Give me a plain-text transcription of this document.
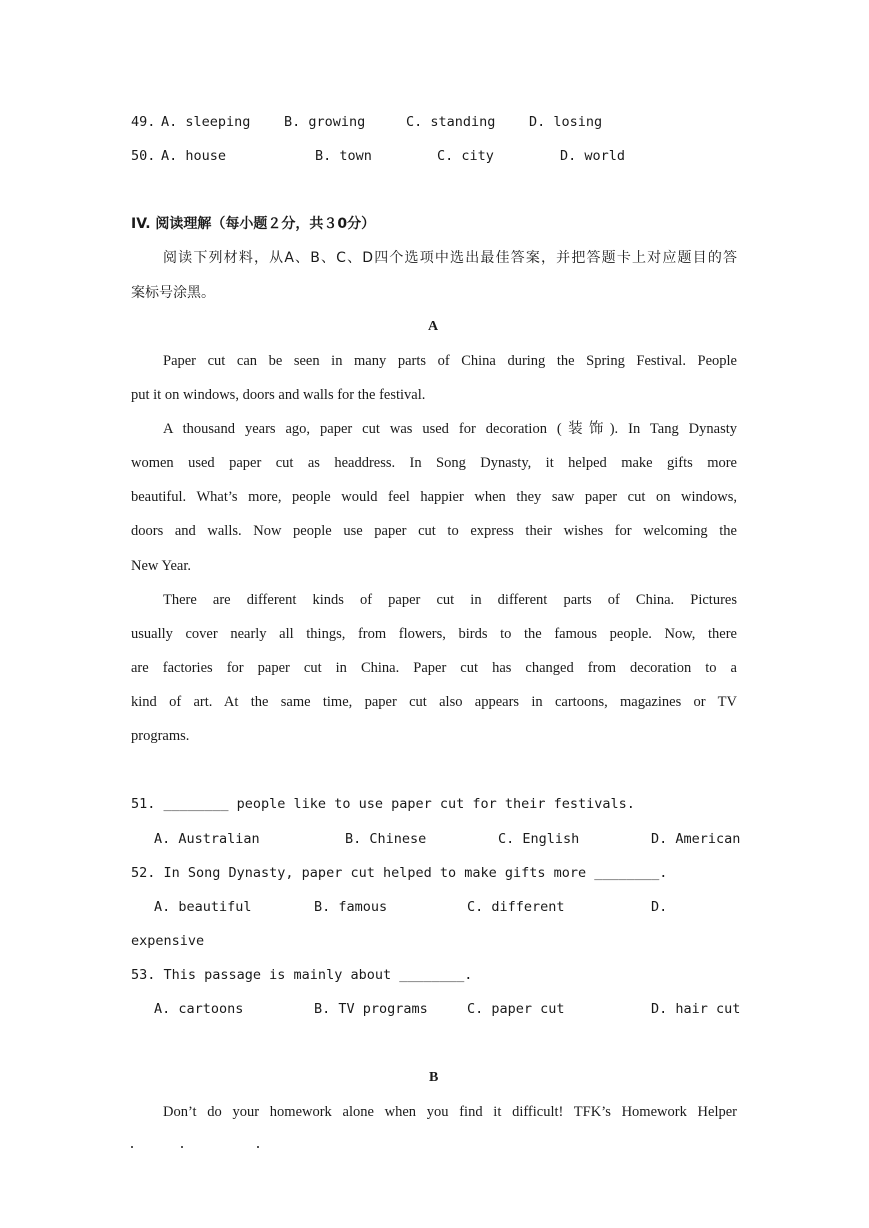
49. A. sleeping B. growing	C. standing D. losing
50. A. house	B. town	C. city	D. world
IV. 阅读理解（每小题２分，共３0分）
阅读下列材料，从A、B、C、D四个选项中选出最佳答案，并把答题卡上对应题目的答
案标号涂黑。
A
Paper cut can be seen in many parts of China during the Spring Festival. People
put it on windows, doors and walls for the festival.
A thousand years ago, paper cut was used for decoration (装饰). In Tang Dynasty
women used paper cut as headdress. In Song Dynasty, it helped make gifts more
beautiful. What’s more, people would feel happier when they saw paper cut on windows,
doors and walls. Now people use paper cut to express their wishes for welcoming the
New Year.
There are different kinds of paper cut in different parts of China. Pictures
usually cover nearly all things, from flowers, birds to the famous people. Now, there
are factories for paper cut in China. Paper cut has changed from decoration to a
kind of art. At the same time, paper cut also appears in cartoons, magazines or TV
programs.
51. ________ people like to use paper cut for their festivals.
A. Australian	B. Chinese	C. English	D. American
52. In Song Dynasty, paper cut helped to make gifts more ________.
A. beautiful	B. famous	C. different	D.
expensive
53. This passage is mainly about ________.
A. cartoons	B. TV programs	C. paper cut	D. hair cut
B
Don’t do your homework alone when you find it difficult! TFK’s Homework Helper
